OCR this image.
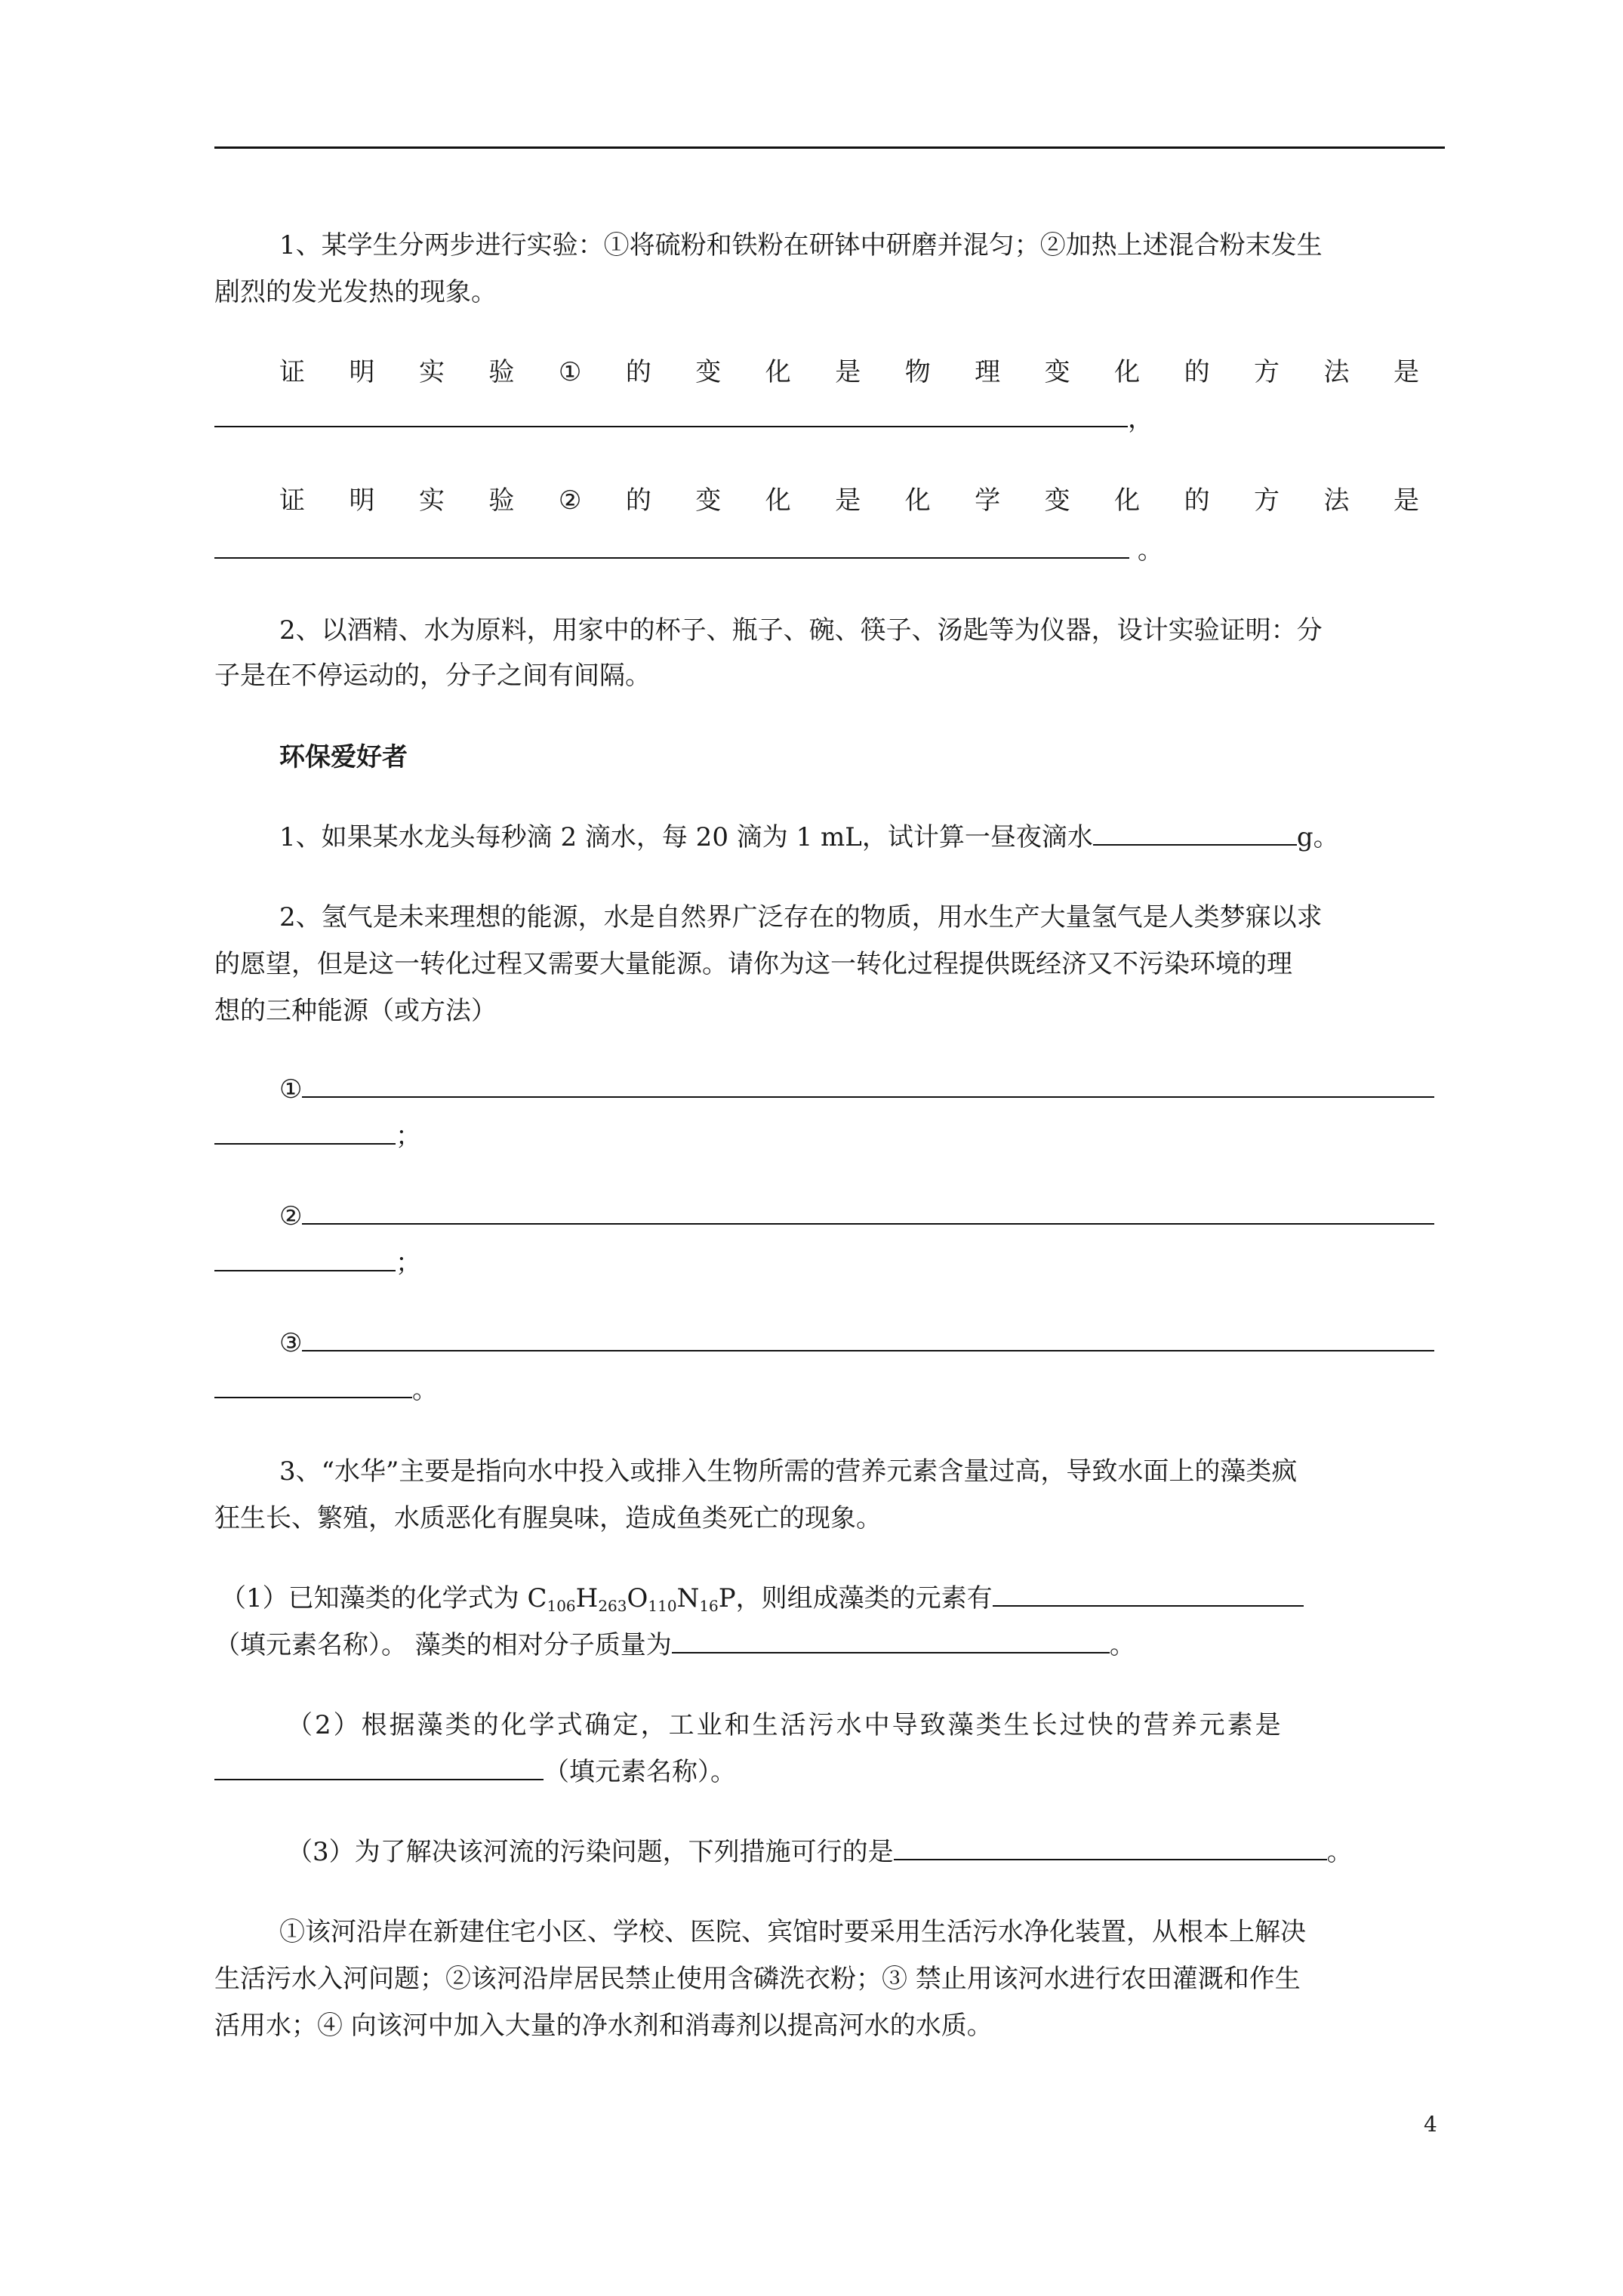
1、某学生分两步进行实验：①将硫粉和铁粉在研钵中研磨并混匀；②加热上述混合粉末发生
剧烈的发光发热的现象。
证 明 实 验 ① 的 变 化 是 物 理 变 化 的 方 法 是
，
证 明 实 验 ② 的 变 化 是 化 学 变 化 的 方 法 是
。
2、以酒精、水为原料，用家中的杯子、瓶子、碗、筷子、汤匙等为仪器，设计实验证明：分
子是在不停运动的，分子之间有间隔。
环保爱好者
1、如果某水龙头每秒滴 2 滴水，每 20 滴为 1 mL，试计算一昼夜滴水	g。
2、氢气是未来理想的能源，水是自然界广泛存在的物质，用水生产大量氢气是人类梦寐以求
的愿望，但是这一转化过程又需要大量能源。请你为这一转化过程提供既经济又不污染环境的理
想的三种能源（或方法）
①
；
②
；
③
。
3、“水华”主要是指向水中投入或排入生物所需的营养元素含量过高，导致水面上的藻类疯
狂生长、繁殖，水质恶化有腥臭味，造成鱼类死亡的现象。
（1）已知藻类的化学式为 $C_{106}H_{263}O_{110}N_{16}P$，则组成藻类的元素有
（填元素名称）。 藻类的相对分子质量为	。
（2）根据藻类的化学式确定，工业和生活污水中导致藻类生长过快的营养元素是
（填元素名称）。
（3）为了解决该河流的污染问题，下列措施可行的是	。
①该河沿岸在新建住宅小区、学校、医院、宾馆时要采用生活污水净化装置，从根本上解决
生活污水入河问题；②该河沿岸居民禁止使用含磷洗衣粉；③ 禁止用该河水进行农田灌溉和作生
活用水；④ 向该河中加入大量的净水剂和消毒剂以提高河水的水质。
4
